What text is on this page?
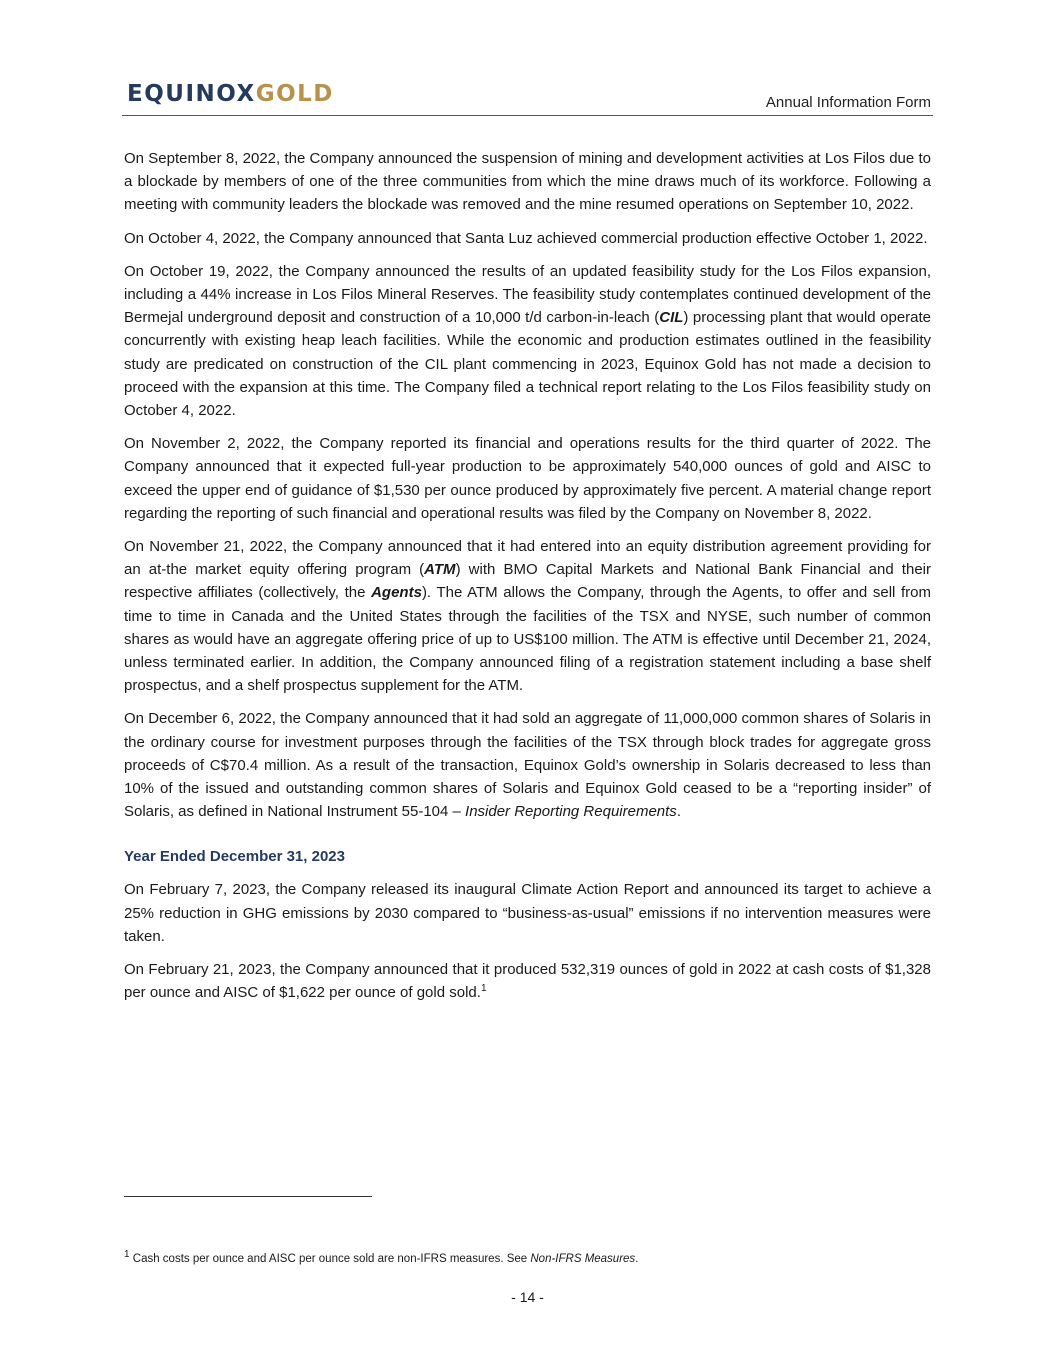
EQUINOXGOLD	Annual Information Form

On September 8, 2022, the Company announced the suspension of mining and development activities at Los Filos due to a blockade by members of one of the three communities from which the mine draws much of its workforce. Following a meeting with community leaders the blockade was removed and the mine resumed operations on September 10, 2022.

On October 4, 2022, the Company announced that Santa Luz achieved commercial production effective October 1, 2022.

On October 19, 2022, the Company announced the results of an updated feasibility study for the Los Filos expansion, including a 44% increase in Los Filos Mineral Reserves. The feasibility study contemplates continued development of the Bermejal underground deposit and construction of a 10,000 t/d carbon-in-leach (CIL) processing plant that would operate concurrently with existing heap leach facilities. While the economic and production estimates outlined in the feasibility study are predicated on construction of the CIL plant commencing in 2023, Equinox Gold has not made a decision to proceed with the expansion at this time. The Company filed a technical report relating to the Los Filos feasibility study on October 4, 2022.

On November 2, 2022, the Company reported its financial and operations results for the third quarter of 2022. The Company announced that it expected full-year production to be approximately 540,000 ounces of gold and AISC to exceed the upper end of guidance of $1,530 per ounce produced by approximately five percent. A material change report regarding the reporting of such financial and operational results was filed by the Company on November 8, 2022.

On November 21, 2022, the Company announced that it had entered into an equity distribution agreement providing for an at-the market equity offering program (ATM) with BMO Capital Markets and National Bank Financial and their respective affiliates (collectively, the Agents). The ATM allows the Company, through the Agents, to offer and sell from time to time in Canada and the United States through the facilities of the TSX and NYSE, such number of common shares as would have an aggregate offering price of up to US$100 million. The ATM is effective until December 21, 2024, unless terminated earlier. In addition, the Company announced filing of a registration statement including a base shelf prospectus, and a shelf prospectus supplement for the ATM.

On December 6, 2022, the Company announced that it had sold an aggregate of 11,000,000 common shares of Solaris in the ordinary course for investment purposes through the facilities of the TSX through block trades for aggregate gross proceeds of C$70.4 million. As a result of the transaction, Equinox Gold’s ownership in Solaris decreased to less than 10% of the issued and outstanding common shares of Solaris and Equinox Gold ceased to be a “reporting insider” of Solaris, as defined in National Instrument 55-104 – Insider Reporting Requirements.

Year Ended December 31, 2023

On February 7, 2023, the Company released its inaugural Climate Action Report and announced its target to achieve a 25% reduction in GHG emissions by 2030 compared to “business-as-usual” emissions if no intervention measures were taken.

On February 21, 2023, the Company announced that it produced 532,319 ounces of gold in 2022 at cash costs of $1,328 per ounce and AISC of $1,622 per ounce of gold sold.$^1$

$^1$ Cash costs per ounce and AISC per ounce sold are non-IFRS measures. See Non-IFRS Measures.
- 14 -
